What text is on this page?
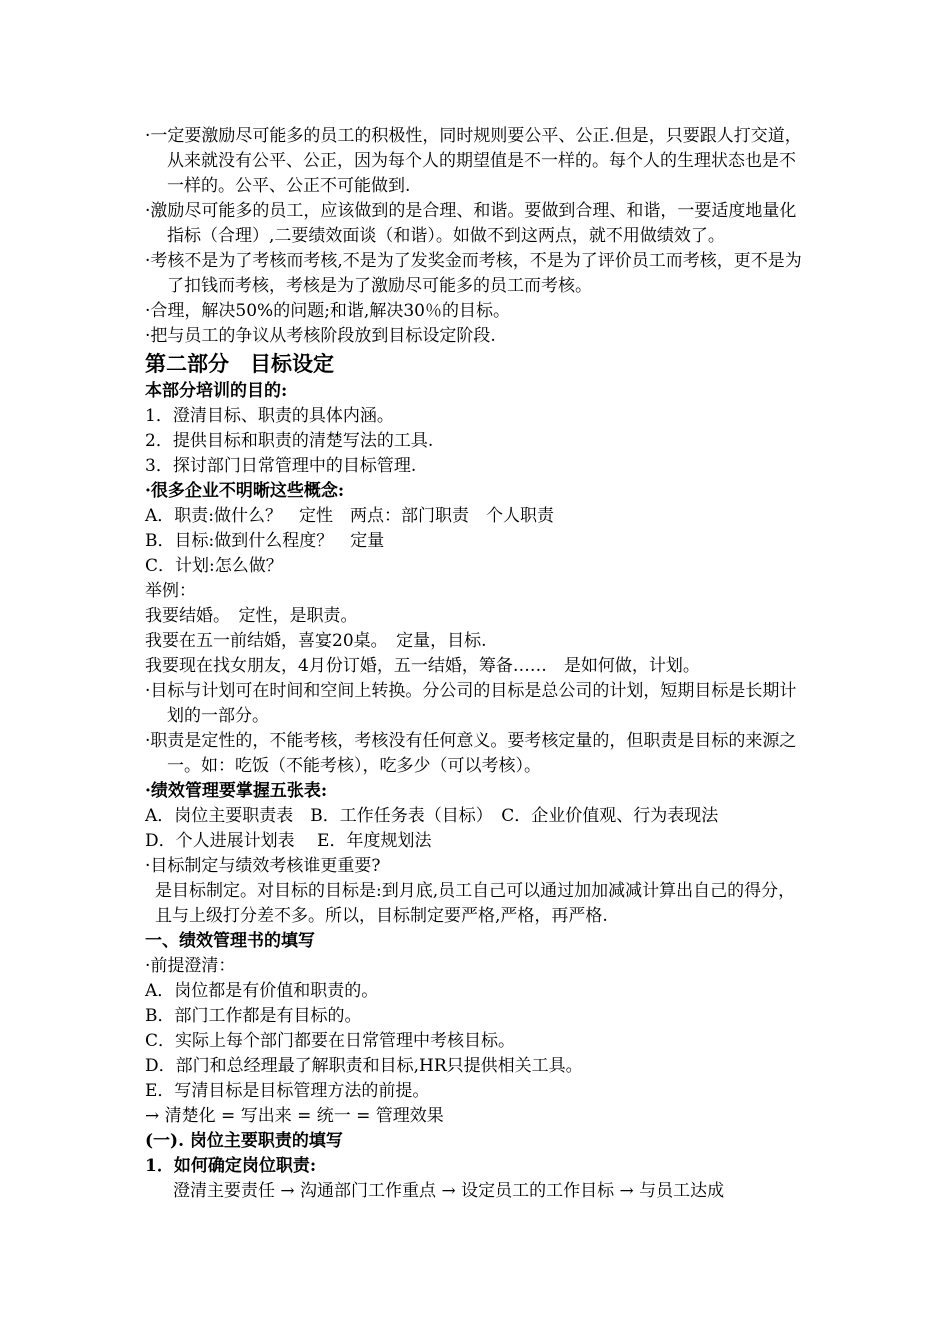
·一定要激励尽可能多的员工的积极性，同时规则要公平、公正.但是，只要跟人打交道，从来就没有公平、公正，因为每个人的期望值是不一样的。每个人的生理状态也是不一样的。公平、公正不可能做到.

·激励尽可能多的员工，应该做到的是合理、和谐。要做到合理、和谐，一要适度地量化指标（合理）,二要绩效面谈（和谐）。如做不到这两点，就不用做绩效了。

·考核不是为了考核而考核,不是为了发奖金而考核，不是为了评价员工而考核，更不是为了扣钱而考核，考核是为了激励尽可能多的员工而考核。

·合理，解决50%的问题;和谐,解决30％的目标。

·把与员工的争议从考核阶段放到目标设定阶段.

第二部分　目标设定

本部分培训的目的:

1．澄清目标、职责的具体内涵。

2．提供目标和职责的清楚写法的工具.

3．探讨部门日常管理中的目标管理.

·很多企业不明晰这些概念:

A．职责:做什么？　定性　两点：部门职责　个人职责

B．目标:做到什么程度？　定量

C．计划:怎么做？

举例：

我要结婚。　定性，是职责。

我要在五一前结婚，喜宴20桌。　定量，目标.

我要现在找女朋友，4月份订婚，五一结婚，筹备……　是如何做，计划。

·目标与计划可在时间和空间上转换。分公司的目标是总公司的计划，短期目标是长期计划的一部分。

·职责是定性的，不能考核，考核没有任何意义。要考核定量的，但职责是目标的来源之一。如：吃饭（不能考核），吃多少（可以考核）。

·绩效管理要掌握五张表:

A．岗位主要职责表　B．工作任务表（目标）　C．企业价值观、行为表现法

D．个人进展计划表　 E．年度规划法

·目标制定与绩效考核谁更重要?

是目标制定。对目标的目标是:到月底,员工自己可以通过加加减减计算出自己的得分，且与上级打分差不多。所以，目标制定要严格,严格，再严格.

一、绩效管理书的填写

·前提澄清：

A．岗位都是有价值和职责的。

B．部门工作都是有目标的。

C．实际上每个部门都要在日常管理中考核目标。

D．部门和总经理最了解职责和目标,HR只提供相关工具。

E．写清目标是目标管理方法的前提。

→ 清楚化 = 写出来 = 统一 = 管理效果

(一). 岗位主要职责的填写

1．如何确定岗位职责:

澄清主要责任 → 沟通部门工作重点 → 设定员工的工作目标 → 与员工达成
